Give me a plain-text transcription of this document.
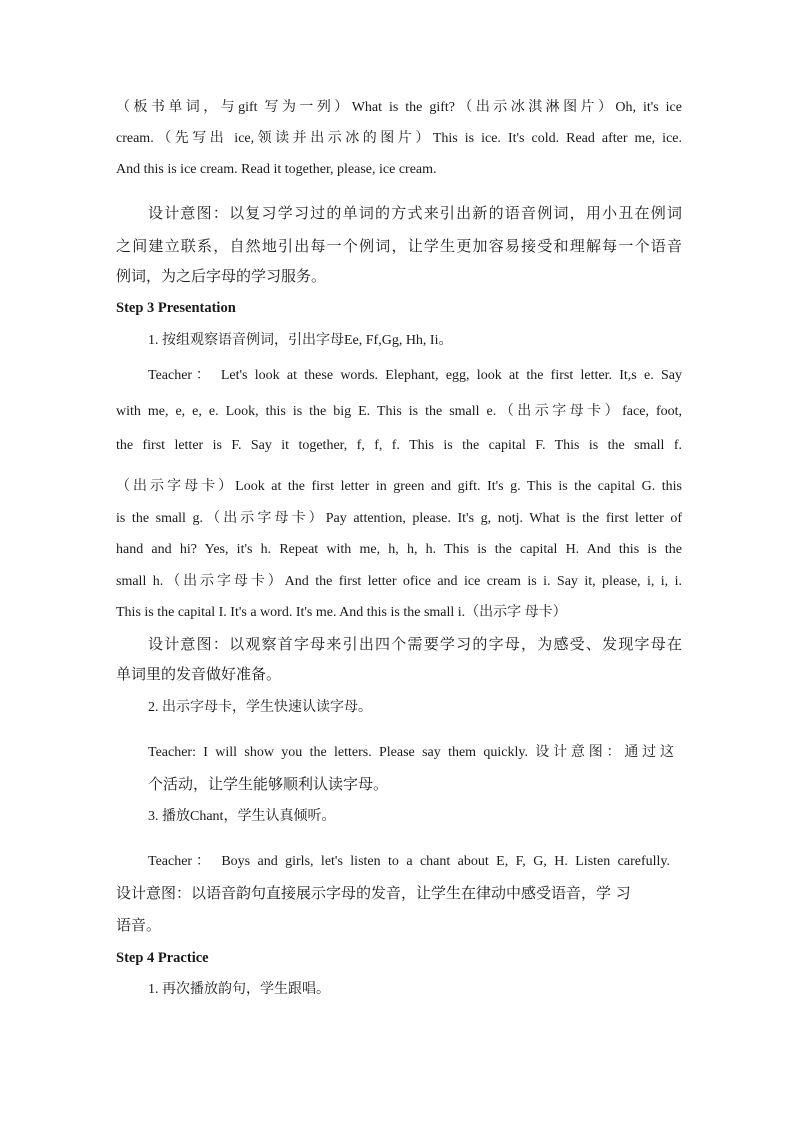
（板书单词，与gift 写为一列）What is the gift?（出示冰淇淋图片）Oh, it's ice
cream.（先写出 ice,领读并出示冰的图片）This is ice. It's cold. Read after me, ice.
And this is ice cream. Read it together, please, ice cream.
设计意图：以复习学习过的单词的方式来引出新的语音例词，用小丑在例词
之间建立联系，自然地引出每一个例词，让学生更加容易接受和理解每一个语音
例词，为之后字母的学习服务。
Step 3 Presentation
1. 按组观察语音例词，引出字母Ee, Ff,Gg, Hh, Ii。
Teacher： Let's look at these words. Elephant, egg, look at the first letter. It,s e. Say
with me, e, e, e. Look, this is the big E. This is the small e.（出示字母卡）face, foot,
the first letter is F. Say it together, f, f, f. This is the capital F. This is the small f.
（出示字母卡）Look at the first letter in green and gift. It's g. This is the capital G. this
is the small g.（出示字母卡）Pay attention, please. It's g, notj. What is the first letter of
hand and hi? Yes, it's h. Repeat with me, h, h, h. This is the capital H. And this is the
small h.（出示字母卡）And the first letter ofice and ice cream is i. Say it, please, i, i, i.
This is the capital I. It's a word. It's me. And this is the small i.（出示字 母卡）
设计意图：以观察首字母来引出四个需要学习的字母，为感受、发现字母在
单词里的发音做好准备。
2. 出示字母卡，学生快速认读字母。
Teacher: I will show you the letters. Please say them quickly. 设计意图：通过这
个活动，让学生能够顺利认读字母。
3. 播放Chant，学生认真倾听。
Teacher： Boys and girls, let's listen to a chant about E, F, G, H. Listen carefully.
设计意图：以语音韵句直接展示字母的发音，让学生在律动中感受语音，学 习
语音。
Step 4 Practice
1. 再次播放韵句，学生跟唱。
